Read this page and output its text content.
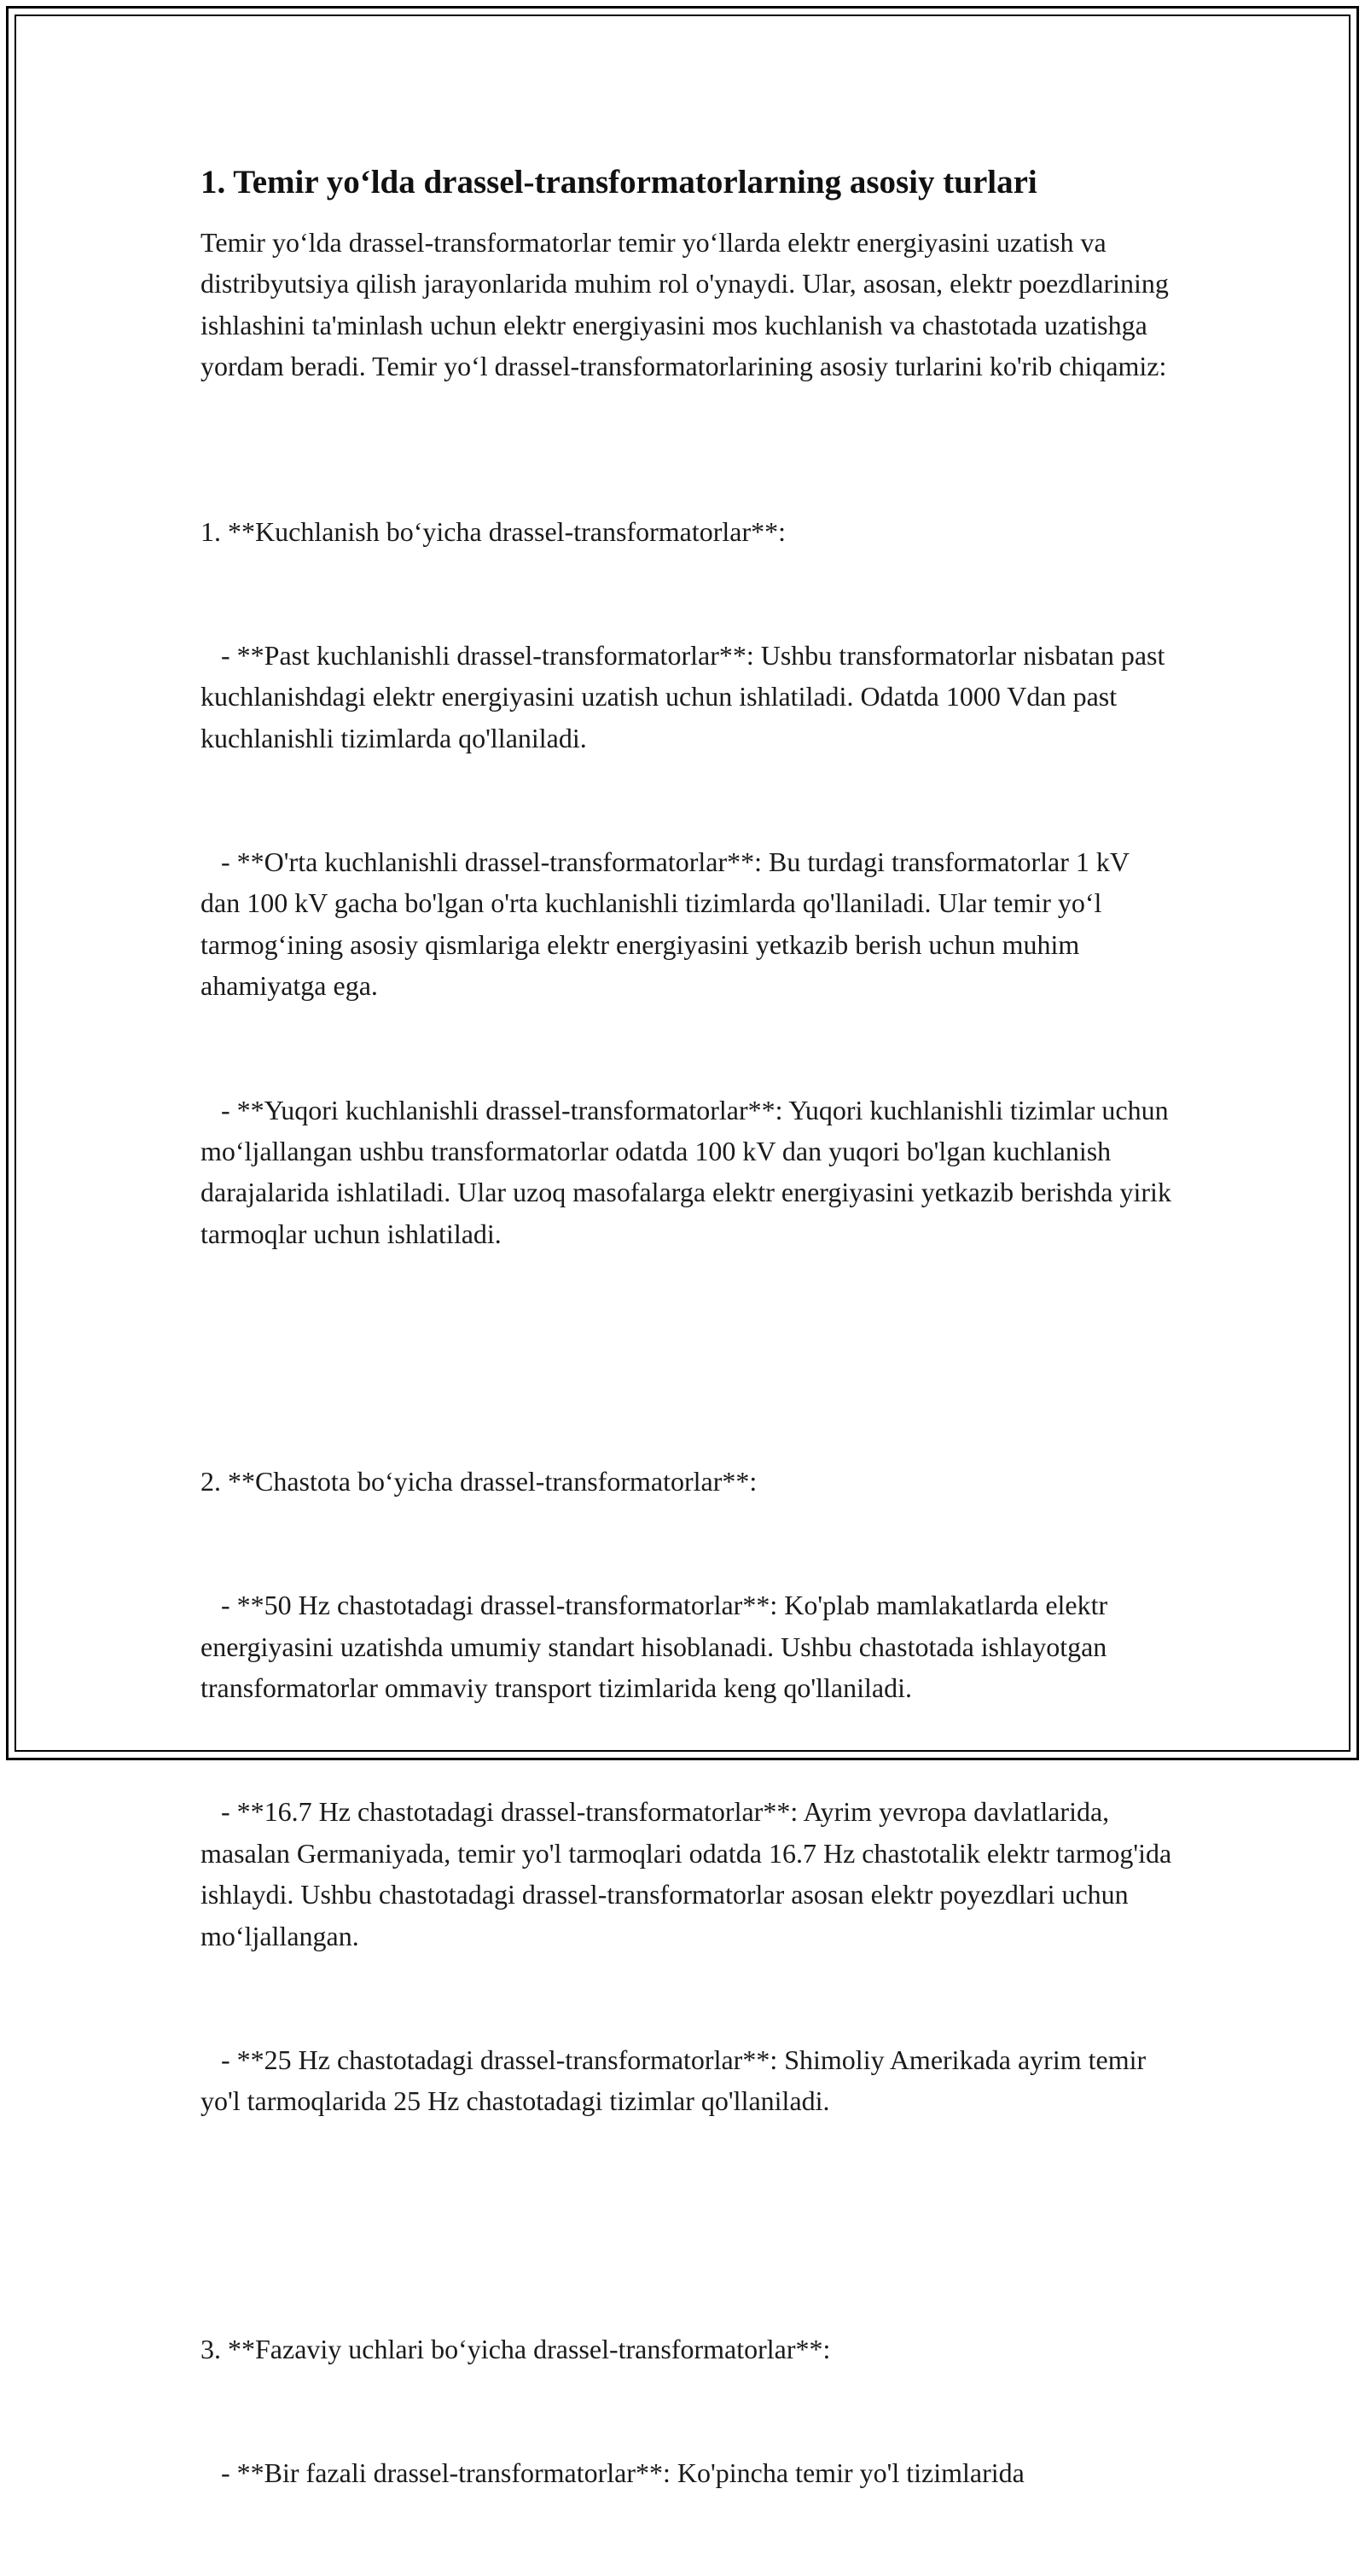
1. Temir yo‘lda drassel-transformatorlarning asosiy turlari

Temir yo‘lda drassel-transformatorlar temir yo‘llarda elektr energiyasini uzatish va distribyutsiya qilish jarayonlarida muhim rol o'ynaydi. Ular, asosan, elektr poezdlarining ishlashini ta'minlash uchun elektr energiyasini mos kuchlanish va chastotada uzatishga yordam beradi. Temir yo‘l drassel-transformatorlarining asosiy turlarini ko'rib chiqamiz:

1. **Kuchlanish bo‘yicha drassel-transformatorlar**:

- **Past kuchlanishli drassel-transformatorlar**: Ushbu transformatorlar nisbatan past kuchlanishdagi elektr energiyasini uzatish uchun ishlatiladi. Odatda 1000 Vdan past kuchlanishli tizimlarda qo'llaniladi.

- **O'rta kuchlanishli drassel-transformatorlar**: Bu turdagi transformatorlar 1 kV dan 100 kV gacha bo'lgan o'rta kuchlanishli tizimlarda qo'llaniladi. Ular temir yo‘l tarmog‘ining asosiy qismlariga elektr energiyasini yetkazib berish uchun muhim ahamiyatga ega.

- **Yuqori kuchlanishli drassel-transformatorlar**: Yuqori kuchlanishli tizimlar uchun mo‘ljallangan ushbu transformatorlar odatda 100 kV dan yuqori bo'lgan kuchlanish darajalarida ishlatiladi. Ular uzoq masofalarga elektr energiyasini yetkazib berishda yirik tarmoqlar uchun ishlatiladi.

2. **Chastota bo‘yicha drassel-transformatorlar**:

- **50 Hz chastotadagi drassel-transformatorlar**: Ko'plab mamlakatlarda elektr energiyasini uzatishda umumiy standart hisoblanadi. Ushbu chastotada ishlayotgan transformatorlar ommaviy transport tizimlarida keng qo'llaniladi.

- **16.7 Hz chastotadagi drassel-transformatorlar**: Ayrim yevropa davlatlarida, masalan Germaniyada, temir yo'l tarmoqlari odatda 16.7 Hz chastotalik elektr tarmog'ida ishlaydi. Ushbu chastotadagi drassel-transformatorlar asosan elektr poyezdlari uchun mo‘ljallangan.

- **25 Hz chastotadagi drassel-transformatorlar**: Shimoliy Amerikada ayrim temir yo'l tarmoqlarida 25 Hz chastotadagi tizimlar qo'llaniladi.

3. **Fazaviy uchlari bo‘yicha drassel-transformatorlar**:

- **Bir fazali drassel-transformatorlar**: Ko'pincha temir yo'l tizimlarida
